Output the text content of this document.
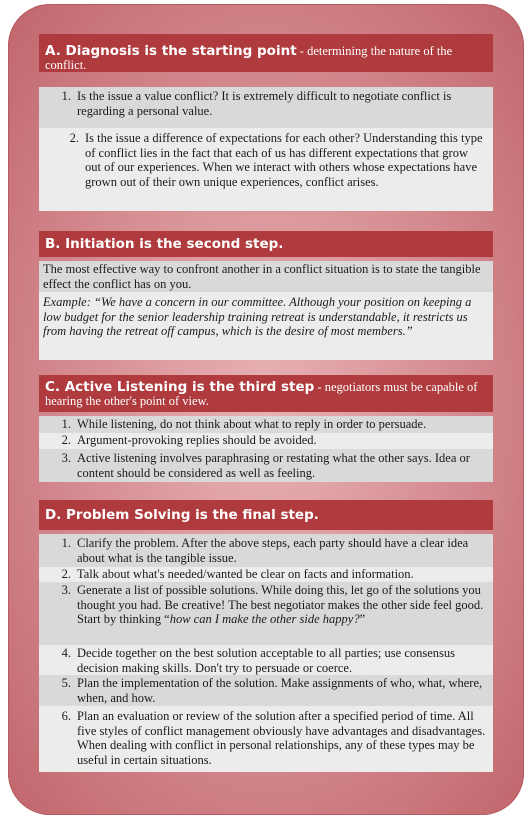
A. Diagnosis is the starting point - determining the nature of the conflict.
1. Is the issue a value conflict? It is extremely difficult to negotiate conflict is regarding a personal value.
2. Is the issue a difference of expectations for each other? Understanding this type of conflict lies in the fact that each of us has different expectations that grow out of our experiences. When we interact with others whose expectations have grown out of their own unique experiences, conflict arises.
B. Initiation is the second step.
The most effective way to confront another in a conflict situation is to state the tangible effect the conflict has on you.
Example: “We have a concern in our committee. Although your position on keeping a low budget for the senior leadership training retreat is understandable, it restricts us from having the retreat off campus, which is the desire of most members.”
C. Active Listening is the third step - negotiators must be capable of hearing the other's point of view.
1. While listening, do not think about what to reply in order to persuade.
2. Argument-provoking replies should be avoided.
3. Active listening involves paraphrasing or restating what the other says. Idea or content should be considered as well as feeling.
D. Problem Solving is the final step.
1. Clarify the problem. After the above steps, each party should have a clear idea about what is the tangible issue.
2. Talk about what's needed/wanted be clear on facts and information.
3. Generate a list of possible solutions. While doing this, let go of the solutions you thought you had. Be creative! The best negotiator makes the other side feel good. Start by thinking “how can I make the other side happy?”
4. Decide together on the best solution acceptable to all parties; use consensus decision making skills. Don't try to persuade or coerce.
5. Plan the implementation of the solution. Make assignments of who, what, where, when, and how.
6. Plan an evaluation or review of the solution after a specified period of time. All five styles of conflict management obviously have advantages and disadvantages. When dealing with conflict in personal relationships, any of these types may be useful in certain situations.
